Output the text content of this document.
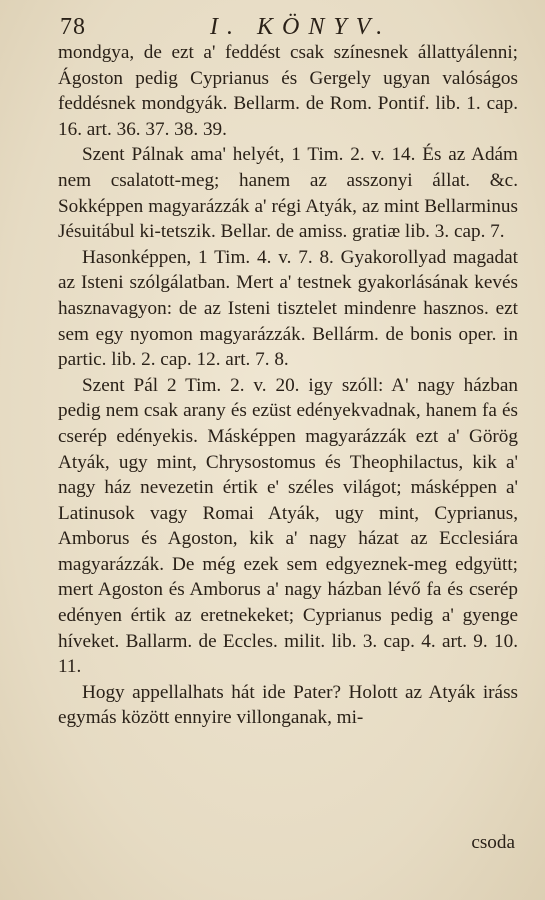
78	I. KÖNYV.

mondgya, de ezt a' feddést csak színesnek állattyálenni; Ágoston pedig Cyprianus és Gergely ugyan valóságos feddésnek mondgyák. Bellarm. de Rom. Pontif. lib. 1. cap. 16. art. 36. 37. 38. 39.

Szent Pálnak ama' helyét, 1 Tim. 2. v. 14. És az Adám nem csalatott-meg; hanem az asszonyi állat. &c. Sokképpen magyarázzák a' régi Atyák, az mint Bellarminus Jésuitábul ki-tetszik. Bellar. de amiss. gratiæ lib. 3. cap. 7.

Hasonképpen, 1 Tim. 4. v. 7. 8. Gyakorollyad magadat az Isteni szólgálatban. Mert a' testnek gyakorlásának kevés hasznavagyon: de az Isteni tisztelet mindenre hasznos. ezt sem egy nyomon magyarázzák. Bellárm. de bonis oper. in partic. lib. 2. cap. 12. art. 7. 8.

Szent Pál 2 Tim. 2. v. 20. igy szóll: A' nagy házban pedig nem csak arany és ezüst edényekvadnak, hanem fa és cserép edényekis. Másképpen magyarázzák ezt a' Görög Atyák, ugy mint, Chrysostomus és Theophilactus, kik a' nagy ház nevezetin értik e' széles világot; másképpen a' Latinusok vagy Romai Atyák, ugy mint, Cyprianus, Amborus és Agoston, kik a' nagy házat az Ecclesiára magyarázzák. De még ezek sem edgyeznek-meg edgyütt; mert Agoston és Amborus a' nagy házban lévő fa és cserép edényen értik az eretnekeket; Cyprianus pedig a' gyenge híveket. Ballarm. de Eccles. milit. lib. 3. cap. 4. art. 9. 10. 11.

Hogy appellalhats hát ide Pater? Holott az Atyák iráss egymás között ennyire villonganak, mi-

csoda
